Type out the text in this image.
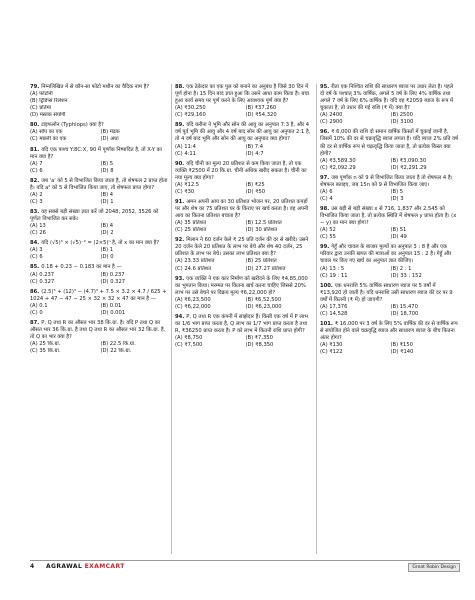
79. निम्नलिखित में से कौन-सा फोटो मशीन का वैदिक नाम है?
(A) फोटोनी
(B) ट्रिडिप्स रिलेशन
(C) प्रतिमा
(D) मस्तक संयोगी
80. टाइफलोन (Typhlops) क्या है?
(A) साँप का एक	(B) मेंढक
(C) मछली का एक	(D) अंधा
81. यदि एक पाश्च Y:8C:X, 90 में पूर्णांक निष्पादित है, तो X-Y का मान क्या है?
(A) 7	(B) 5
(C) 6	(D) 8
82. जब 'a' को 5 से विभाजित किया जाता है, तो शेषफल 2 प्राप्त होता है। यदि a² को 5 से विभाजित किया जाए, तो शेषफल प्राप्त होगा?
(A) 2	(B) 4
(C) 3	(D) 1
83. वह सबसे बड़ी संख्या ज्ञात करें जो 2048, 2052, 3526 को पूर्णतः विभाजित कर सके।
(A) 13	(B) 4
(C) 26	(D) 2
84. यदि (√5)³ × (√5)⁻² = (2×5)ⁿ है, तो x का मान क्या है?
(A) 3	(B) 1
(C) 6	(D) 0
85. 0.18 + 0.23 − 0.183 का मान है —
(A) 0.237	(B) 0.237
(C) 0.327	(D) 0.327
86. (2.5)³ + (12)³ − (4.7)³ + 7.5 × 3.2 × 4.7 / 625 + 1024 + 47 − 47 − 25 × 32 × 32 × 47 का मान है —
(A) 0.1	(B) 0.01
(C) 0	(D) 0.001
87. P, Q तथा R का औसत भार 38 कि.ग्रा. है। यदि P तथा Q का औसत भार 36 कि.ग्रा. है तथा Q तथा R का औसत भार 32 कि.ग्रा. है, तो Q का भार क्या है?
(A) 25 कि.ग्रा.	(B) 22.5 कि.ग्रा.
(C) 35 कि.ग्रा.	(D) 22 कि.ग्रा.
88. एक ठेकेदार का एक पुल को बनाने का अनुबंध है जिसे 30 दिन में पूर्ण होना है। 15 दिन बाद ज्ञात हुआ कि उसने आधा काम किया है। बचा हुआ कार्य समय पर पूर्ण करने के लिए आवश्यक पूर्ण क्या है?
(A) ₹30,250	(B) ₹37,260
(C) ₹29,160	(D) ₹54,320
89. यदि करीना ने भूमि और सोन की आयु का अनुपात 7:3 है, और 4 वर्ष पूर्व भूमि की आयु और 4 वर्ष बाद सोन की आयु का अनुपात 2:1 है, तो 4 वर्ष बाद भूमि और सोन की आयु का अनुपात क्या होगा?
(A) 11:4	(B) 7:4
(C) 4:11	(D) 4:7
90. यदि चीनी का मूल्य 20 प्रतिशत से कम किया जाता है, तो एक व्यक्ति ₹2500 में 20 कि.ग्रा. चीनी अधिक खरीद सकता है। चीनी का नया मूल्य क्या होगा?
(A) ₹12.5	(B) ₹25
(C) ₹30	(D) ₹50
91. अमन अपनी आय का 30 प्रतिशत भोजन पर, 20 प्रतिशत कपड़ों पर और शेष का 75 प्रतिशत घर के किराए पर खर्च करता है। वह अपनी आय का कितना प्रतिशत बचाता है?
(A) 35 प्रतिशत	(B) 12.5 प्रतिशत
(C) 25 प्रतिशत	(D) 30 प्रतिशत
92. मिलान ने 60 दर्जन केले ₹ 25 प्रति दर्जन की दर से खरीदे। उसने 20 दर्जन केले 20 प्रतिशत के लाभ पर बेचे और शेष 40 दर्जन, 25 प्रतिशत के लाभ पर बेचे। उसका लाभ प्रतिशत क्या है?
(A) 23.33 प्रतिशत	(B) 25 प्रतिशत
(C) 24.6 प्रतिशत	(D) 27.27 प्रतिशत
93. एक व्यक्ति ने एक कार निर्माण को खरीदने के लिए ₹4,85,000 का भुगतान किया। मरम्मत पर कितना खर्च करना चाहिए जिससे 20% लाभ पर उसे बेचने पर विक्रय मूल्य ₹6,22,000 हो?
(A) ₹6,23,500	(B) ₹6,52,500
(C) ₹6,22,000	(D) ₹6,23,000
94. P, Q तथा R एक कंपनी में साझेदार हैं। किसी एक वर्ष में P लाभ का 1/6 भाग प्राप्त करता है, Q लाभ का 1/7 भाग प्राप्त करता है तथा R, ₹36250 प्राप्त करता है। P को लाभ में कितनी राशि प्राप्त होगी?
(A) ₹8,750	(B) ₹7,350
(C) ₹7,500	(D) ₹8,350
95. रीता एक निश्चित राशि की साधारण ब्याज पर उधार लेता है। पहले दो वर्ष के पश्चात् 3% वार्षिक, अगले 5 वर्ष के लिए 4% वार्षिक तथा अगले 7 वर्ष के लिए 6% वार्षिक है। यदि वह ₹2059 ब्याज के रूप में चुकाता है, तो उधार की गई राशि (₹ में) क्या है?
(A) 2400	(B) 2500
(C) 2900	(D) 3100
96. ₹ 6,000 की राशि दो समान वार्षिक किस्तों में चुकाई जानी है, जिसमें 10% की दर से चक्रवृद्धि ब्याज लगता है। यदि ब्याज 2% प्रति वर्ष की दर से वार्षिक रूप से चक्रवृद्धि किया जाता है, तो प्रत्येक किस्त क्या होगी?
(A) ₹3,589.30	(B) ₹3,090.30
(C) ₹2,092.29	(D) ₹2,291.29
97. जब पूर्णांक n को 9 से विभाजित किया जाता है तो शेषफल 4 है। शेषफल बताइए, जब 15n को 9 से विभाजित किया जाए।
(A) 6	(B) 5
(C) 4	(D) 3
98. उस बड़ी से बड़ी संख्या x से 716, 1,837 और 2,545 को विभाजित किया जाता है, तो प्रत्येक स्थिति में शेषफल y प्राप्त होता है। (x − y) का मान क्या होगा?
(A) 52	(B) 51
(C) 55	(D) 49
99. गेहूँ और चावल के बाजार मूल्यों का अनुपात 3 : 8 है और एक परिवार द्वारा उनकी खपत की मात्राओं का अनुपात 15 : 2 है। गेहूँ और चावल पर किए गए खर्च का अनुपात ज्ञात कीजिए।
(A) 13 : 5	(B) 2 : 1
(C) 19 : 11	(D) 33 : 152
100. एक धनराशि 5% वार्षिक साधारण ब्याज पर 5 वर्षों में ₹13,920 हो जाती है। यदि धनराशि उसी साधारण ब्याज की दर पर 9 वर्षों में कितनी (₹ में) हो जाएगी?
(A) 17,376	(B) 15,470
(C) 14,528	(D) 18,700
101. ₹ 16,000 पर 3 वर्ष के लिए 5% वार्षिक की दर से वार्षिक रूप से संयोजित होने वाले चक्रवृद्धि ब्याज और साधारण ब्याज के बीच कितना अंतर होगा?
(A) ₹130	(B) ₹150
(C) ₹122	(D) ₹140
4 AGRAWAL EXAMCART	Great Robin Design
